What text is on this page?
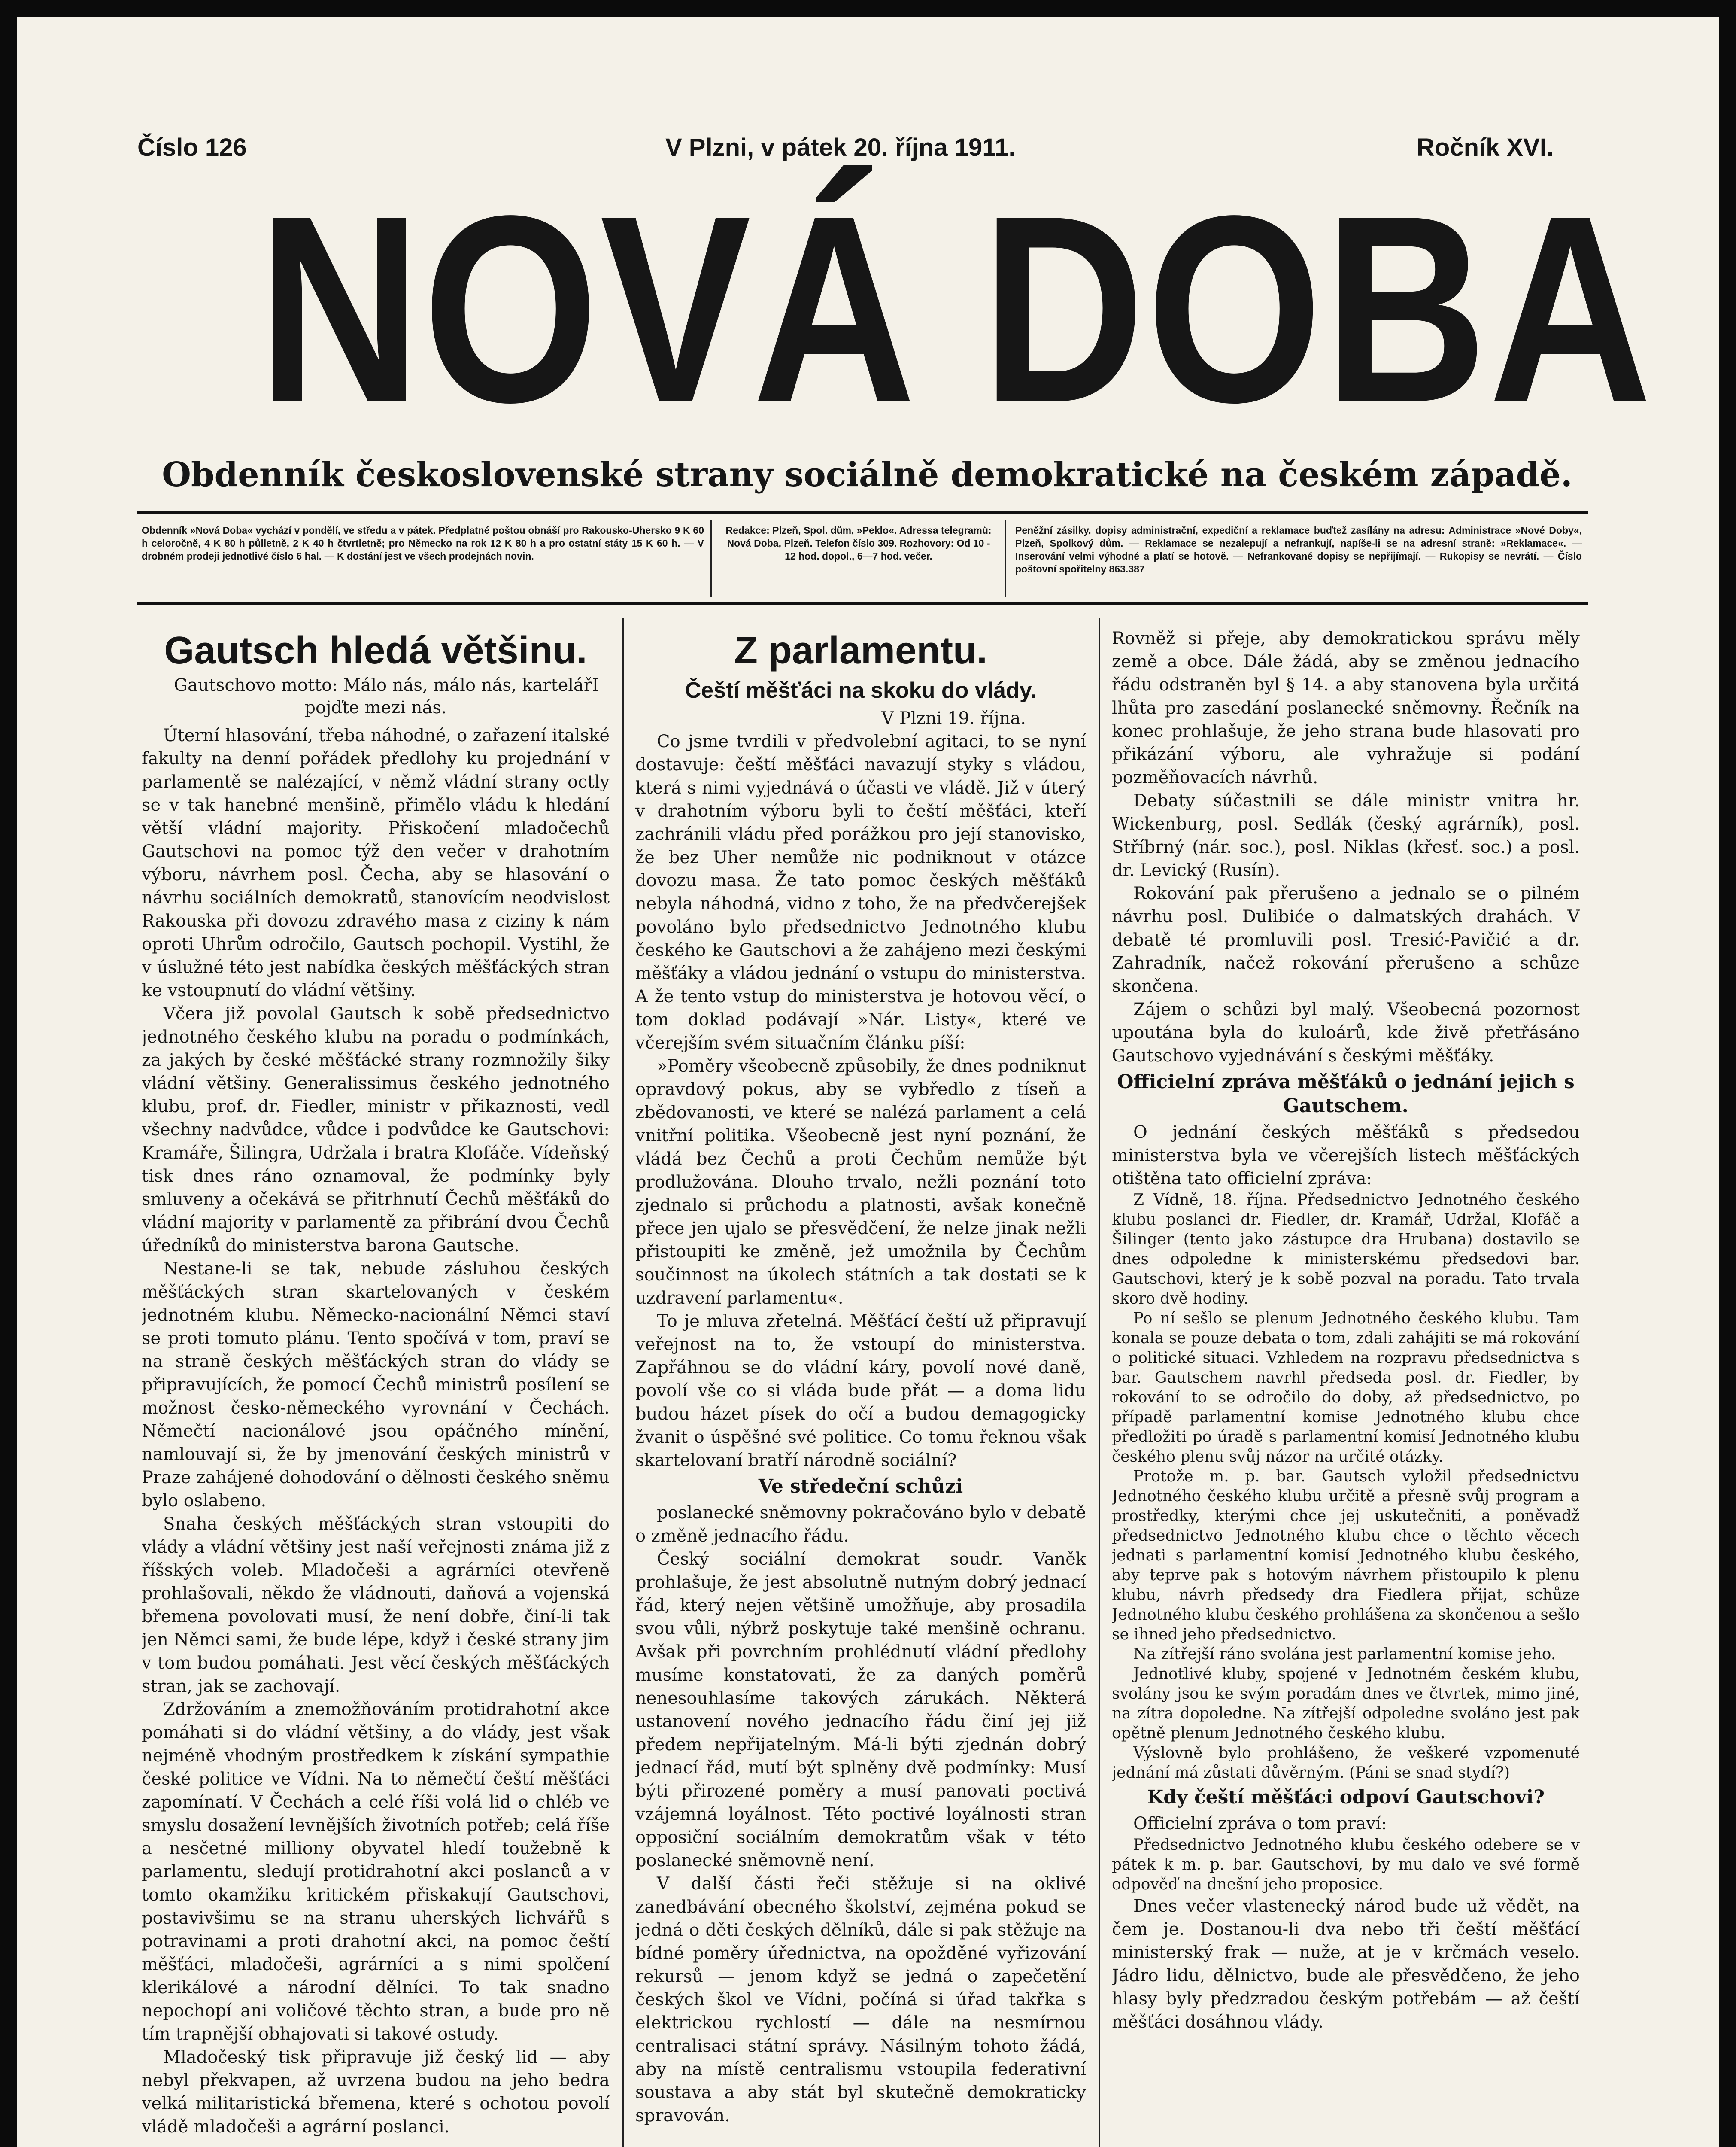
Číslo 126	V Plzni, v pátek 20. října 1911.	Ročník XVI.
NOVÁ DOBA
Obdenník československé strany sociálně demokratické na českém západě.
Obdenník »Nová Doba« vychází v pondělí, ve středu a v pátek. Předplatné poštou obnáší pro Rakousko-Uhersko 9 K 60 h celoročně, 4 K 80 h půlletně, 2 K 40 h čtvrtletně; pro Německo na rok 12 K 80 h a pro ostatní státy 15 K 60 h. — V drobném prodeji jednotlivé číslo 6 hal. — K dostání jest ve všech prodejnách novin.
Redakce: Plzeň, Spol. dům, »Peklo«. Adressa telegramů: Nová Doba, Plzeň. Telefon číslo 309. Rozhovory: Od 10 - 12 hod. dopol., 6—7 hod. večer.
Peněžní zásilky, dopisy administrační, expediční a reklamace buďtež zasílány na adresu: Administrace »Nové Doby«, Plzeň, Spolkový dům. — Reklamace se nezalepují a nefrankují, napíše-li se na adresní straně: »Reklamace«. — Inserování velmi výhodné a platí se hotově. — Nefrankované dopisy se nepřijímají. — Rukopisy se nevrátí. — Číslo poštovní spořitelny 863.387
Gautsch hledá většinu.

Gautschovo motto: Málo nás, málo nás, kartelářI pojďte mezi nás.

Úterní hlasování, třeba náhodné, o zařazení italské fakulty na denní pořádek předlohy ku projednání v parlamentě se nalézající, v němž vládní strany octly se v tak hanebné menšině, přimělo vládu k hledání větší vládní majority. Přiskočení mladočechů Gautschovi na pomoc týž den večer v drahotním výboru, návrhem posl. Čecha, aby se hlasování o návrhu sociálních demokratů, stanovícím neodvislost Rakouska při dovozu zdravého masa z ciziny k nám oproti Uhrům odročilo, Gautsch pochopil. Vystihl, že v úslužné této jest nabídka českých měšťáckých stran ke vstoupnutí do vládní většiny.

Včera již povolal Gautsch k sobě předsednictvo jednotného českého klubu na poradu o podmínkách, za jakých by české měšťácké strany rozmnožily šiky vládní většiny. Generalissimus českého jednotného klubu, prof. dr. Fiedler, ministr v přikaznosti, vedl všechny nadvůdce, vůdce i podvůdce ke Gautschovi: Kramáře, Šilingra, Udržala i bratra Klofáče. Vídeňský tisk dnes ráno oznamoval, že podmínky byly smluveny a očekává se přitrhnutí Čechů měšťáků do vládní majority v parlamentě za přibrání dvou Čechů úředníků do ministerstva barona Gautsche.

Nestane-li se tak, nebude zásluhou českých měšťáckých stran skartelovaných v českém jednotném klubu. Německo-nacionální Němci staví se proti tomuto plánu. Tento spočívá v tom, praví se na straně českých měšťáckých stran do vlády se připravujících, že pomocí Čechů ministrů posílení se možnost česko-německého vyrovnání v Čechách. Němečtí nacionálové jsou opáčného mínění, namlouvají si, že by jmenování českých ministrů v Praze zahájené dohodování o dělnosti českého sněmu bylo oslabeno.

Snaha českých měšťáckých stran vstoupiti do vlády a vládní většiny jest naší veřejnosti známa již z říšských voleb. Mladočeši a agrárníci otevřeně prohlašovali, někdo že vládnouti, daňová a vojenská břemena povolovati musí, že není dobře, činí-li tak jen Němci sami, že bude lépe, když i české strany jim v tom budou pomáhati. Jest věcí českých měšťáckých stran, jak se zachovají.

Zdržováním a znemožňováním protidrahotní akce pomáhati si do vládní většiny, a do vlády, jest však nejméně vhodným prostředkem k získání sympathie české politice ve Vídni. Na to němečtí čeští měšťáci zapomínatí. V Čechách a celé říši volá lid o chléb ve smyslu dosažení levnějších životních potřeb; celá říše a nesčetné milliony obyvatel hledí toužebně k parlamentu, sledují protidrahotní akci poslanců a v tomto okamžiku kritickém přiskakují Gautschovi, postavivšimu se na stranu uherských lichvářů s potravinami a proti drahotní akci, na pomoc čeští měšťáci, mladočeši, agrárníci a s nimi spolčení klerikálové a národní dělníci. To tak snadno nepochopí ani voličové těchto stran, a bude pro ně tím trapnější obhajovati si takové ostudy.

Mladočeský tisk připravuje již český lid — aby nebyl překvapen, až uvrzena budou na jeho bedra velká militaristická břemena, které s ochotou povolí vládě mladočeši a agrární poslanci.

Z parlamentu.
Čeští měšťáci na skoku do vlády.

V Plzni 19. října.

Co jsme tvrdili v předvolební agitaci, to se nyní dostavuje: čeští měšťáci navazují styky s vládou, která s nimi vyjednává o účasti ve vládě. Již v úterý v drahotním výboru byli to čeští měšťáci, kteří zachránili vládu před porážkou pro její stanovisko, že bez Uher nemůže nic podniknout v otázce dovozu masa. Že tato pomoc českých měšťáků nebyla náhodná, vidno z toho, že na předvčerejšek povoláno bylo předsednictvo Jednotného klubu českého ke Gautschovi a že zahájeno mezi českými měšťáky a vládou jednání o vstupu do ministerstva. A že tento vstup do ministerstva je hotovou věcí, o tom doklad podávají »Nár. Listy«, které ve včerejším svém situačním článku píší:

»Poměry všeobecně způsobily, že dnes podniknut opravdový pokus, aby se vybředlo z tíseň a zbědovanosti, ve které se nalézá parlament a celá vnitřní politika. Všeobecně jest nyní poznání, že vládá bez Čechů a proti Čechům nemůže být prodlužována. Dlouho trvalo, nežli poznání toto zjednalo si průchodu a platnosti, avšak konečně přece jen ujalo se přesvědčení, že nelze jinak nežli přistoupiti ke změně, jež umožnila by Čechům součinnost na úkolech státních a tak dostati se k uzdravení parlamentu«.

To je mluva zřetelná. Měšťácí čeští už připravují veřejnost na to, že vstoupí do ministerstva. Zapřáhnou se do vládní káry, povolí nové daně, povolí vše co si vláda bude přát — a doma lidu budou házet písek do očí a budou demagogicky žvanit o úspěšné své politice. Co tomu řeknou však skartelovaní bratří národně sociální?

Ve středeční schůzi

poslanecké sněmovny pokračováno bylo v debatě o změně jednacího řádu.

Český sociální demokrat soudr. Vaněk prohlašuje, že jest absolutně nutným dobrý jednací řád, který nejen většině umožňuje, aby prosadila svou vůli, nýbrž poskytuje také menšině ochranu. Avšak při povrchním prohlédnutí vládní předlohy musíme konstatovati, že za daných poměrů nenesouhlasíme takových zárukách. Některá ustanovení nového jednacího řádu činí jej již předem nepřijatelným. Má-li býti zjednán dobrý jednací řád, mutí být splněny dvě podmínky: Musí býti přirozené poměry a musí panovati poctivá vzájemná loyálnost. Této poctivé loyálnosti stran opposiční sociálním demokratům však v této poslanecké sněmovně není.

V další části řeči stěžuje si na oklivé zanedbávání obecného školství, zejména pokud se jedná o děti českých dělníků, dále si pak stěžuje na bídné poměry úřednictva, na opožděné vyřizování rekursů — jenom když se jedná o zapečetění českých škol ve Vídni, počíná si úřad takřka s elektrickou rychlostí — dále na nesmírnou centralisaci státní správy. Násilným tohoto žádá, aby na místě centralismu vstoupila federativní soustava a aby stát byl skutečně demokraticky spravován.

Rovněž si přeje, aby demokratickou správu měly země a obce. Dále žádá, aby se změnou jednacího řádu odstraněn byl § 14. a aby stanovena byla určitá lhůta pro zasedání poslanecké sněmovny. Řečník na konec prohlašuje, že jeho strana bude hlasovati pro přikázání výboru, ale vyhražuje si podání pozměňovacích návrhů.

Debaty súčastnili se dále ministr vnitra hr. Wickenburg, posl. Sedlák (český agrárník), posl. Stříbrný (nár. soc.), posl. Niklas (křesť. soc.) a posl. dr. Levický (Rusín).

Rokování pak přerušeno a jednalo se o pilném návrhu posl. Dulibiće o dalmatských drahách. V debatě té promluvili posl. Tresić-Pavičić a dr. Zahradník, načež rokování přerušeno a schůze skončena.

Zájem o schůzi byl malý. Všeobecná pozornost upoutána byla do kuloárů, kde živě přetřásáno Gautschovo vyjednávání s českými měšťáky.

Officielní zpráva měšťáků o jednání jejich s Gautschem.

O jednání českých měšťáků s předsedou ministerstva byla ve včerejších listech měšťáckých otištěna tato officielní zpráva:

Z Vídně, 18. října. Předsednictvo Jednotného českého klubu poslanci dr. Fiedler, dr. Kramář, Udržal, Klofáč a Šilinger (tento jako zástupce dra Hrubana) dostavilo se dnes odpoledne k ministerskému předsedovi bar. Gautschovi, který je k sobě pozval na poradu. Tato trvala skoro dvě hodiny.

Po ní sešlo se plenum Jednotného českého klubu. Tam konala se pouze debata o tom, zdali zahájiti se má rokování o politické situaci. Vzhledem na rozpravu předsednictva s bar. Gautschem navrhl předseda posl. dr. Fiedler, by rokování to se odročilo do doby, až předsednictvo, po případě parlamentní komise Jednotného klubu chce předložiti po úradě s parlamentní komisí Jednotného klubu českého plenu svůj názor na určité otázky.

Protože m. p. bar. Gautsch vyložil předsednictvu Jednotného českého klubu určitě a přesně svůj program a prostředky, kterými chce jej uskutečniti, a poněvadž předsednictvo Jednotného klubu chce o těchto věcech jednati s parlamentní komisí Jednotného klubu českého, aby teprve pak s hotovým návrhem přistoupilo k plenu klubu, návrh předsedy dra Fiedlera přijat, schůze Jednotného klubu českého prohlášena za skončenou a sešlo se ihned jeho předsednictvo.

Na zítřejší ráno svolána jest parlamentní komise jeho.

Jednotlivé kluby, spojené v Jednotném českém klubu, svolány jsou ke svým poradám dnes ve čtvrtek, mimo jiné, na zítra dopoledne. Na zítřejší odpoledne svoláno jest pak opětně plenum Jednotného českého klubu.

Výslovně bylo prohlášeno, že veškeré vzpomenuté jednání má zůstati důvěrným. (Páni se snad stydí?)

Kdy čeští měšťáci odpoví Gautschovi?

Officielní zpráva o tom praví:

Předsednictvo Jednotného klubu českého odebere se v pátek k m. p. bar. Gautschovi, by mu dalo ve své formě odpověď na dnešní jeho proposice.

Dnes večer vlastenecký národ bude už vědět, na čem je. Dostanou-li dva nebo tři čeští měšťácí ministerský frak — nuže, at je v krčmách veselo. Jádro lidu, dělnictvo, bude ale přesvědčeno, že jeho hlasy byly předzradou českým potřebám — až čeští měšťáci dosáhnou vlády.
